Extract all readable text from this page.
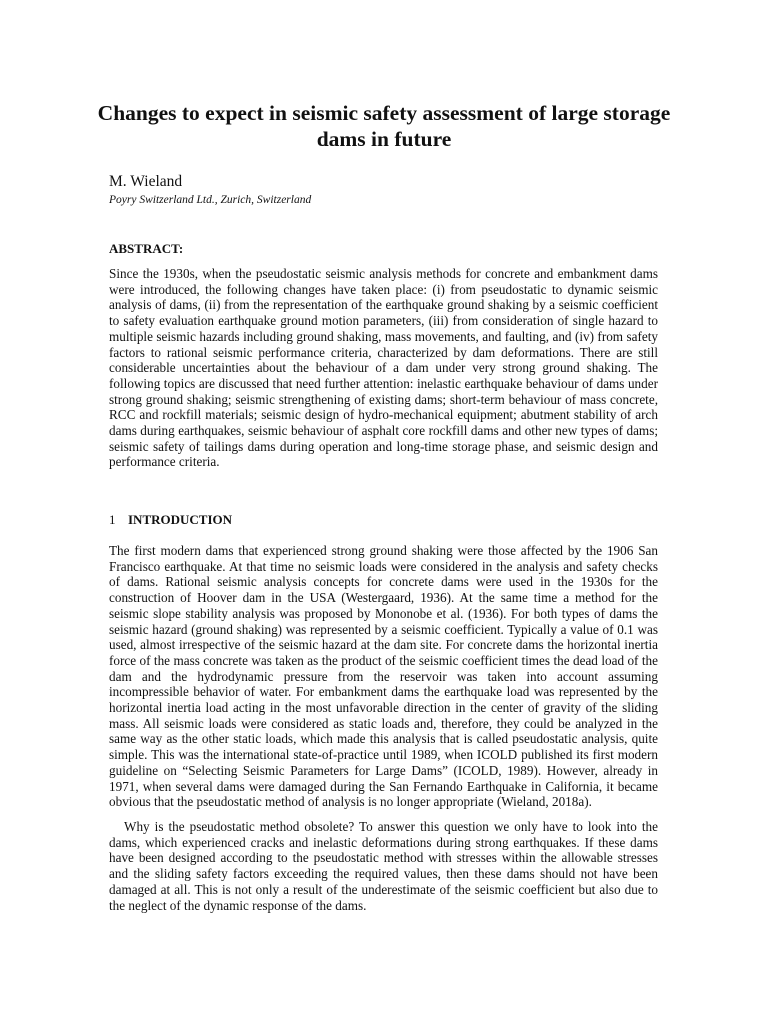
Changes to expect in seismic safety assessment of large storage dams in future
M. Wieland
Poyry Switzerland Ltd., Zurich, Switzerland
ABSTRACT:
Since the 1930s, when the pseudostatic seismic analysis methods for concrete and embankment dams were introduced, the following changes have taken place: (i) from pseudostatic to dynamic seismic analysis of dams, (ii) from the representation of the earthquake ground shaking by a seismic coefficient to safety evaluation earthquake ground motion parameters, (iii) from consideration of single hazard to multiple seismic hazards including ground shaking, mass movements, and faulting, and (iv) from safety factors to rational seismic performance criteria, characterized by dam deformations. There are still considerable uncertainties about the behaviour of a dam under very strong ground shaking. The following topics are discussed that need further attention: inelastic earthquake behaviour of dams under strong ground shaking; seismic strengthening of existing dams; short-term behaviour of mass concrete, RCC and rockfill materials; seismic design of hydro-mechanical equipment; abutment stability of arch dams during earthquakes, seismic behaviour of asphalt core rockfill dams and other new types of dams; seismic safety of tailings dams during operation and long-time storage phase, and seismic design and performance criteria.
1 INTRODUCTION
The first modern dams that experienced strong ground shaking were those affected by the 1906 San Francisco earthquake. At that time no seismic loads were considered in the analysis and safety checks of dams. Rational seismic analysis concepts for concrete dams were used in the 1930s for the construction of Hoover dam in the USA (Westergaard, 1936). At the same time a method for the seismic slope stability analysis was proposed by Mononobe et al. (1936). For both types of dams the seismic hazard (ground shaking) was represented by a seismic coefficient. Typically a value of 0.1 was used, almost irrespective of the seismic hazard at the dam site. For concrete dams the horizontal inertia force of the mass concrete was taken as the product of the seismic coefficient times the dead load of the dam and the hydrodynamic pressure from the reservoir was taken into account assuming incompressible behavior of water. For embankment dams the earthquake load was represented by the horizontal inertia load acting in the most unfavorable direction in the center of gravity of the sliding mass. All seismic loads were considered as static loads and, therefore, they could be analyzed in the same way as the other static loads, which made this analysis that is called pseudostatic analysis, quite simple. This was the international state-of-practice until 1989, when ICOLD published its first modern guideline on “Selecting Seismic Parameters for Large Dams” (ICOLD, 1989). However, already in 1971, when several dams were damaged during the San Fernando Earthquake in California, it became obvious that the pseudostatic method of analysis is no longer appropriate (Wieland, 2018a).
Why is the pseudostatic method obsolete? To answer this question we only have to look into the dams, which experienced cracks and inelastic deformations during strong earthquakes. If these dams have been designed according to the pseudostatic method with stresses within the allowable stresses and the sliding safety factors exceeding the required values, then these dams should not have been damaged at all. This is not only a result of the underestimate of the seismic coefficient but also due to the neglect of the dynamic response of the dams.
